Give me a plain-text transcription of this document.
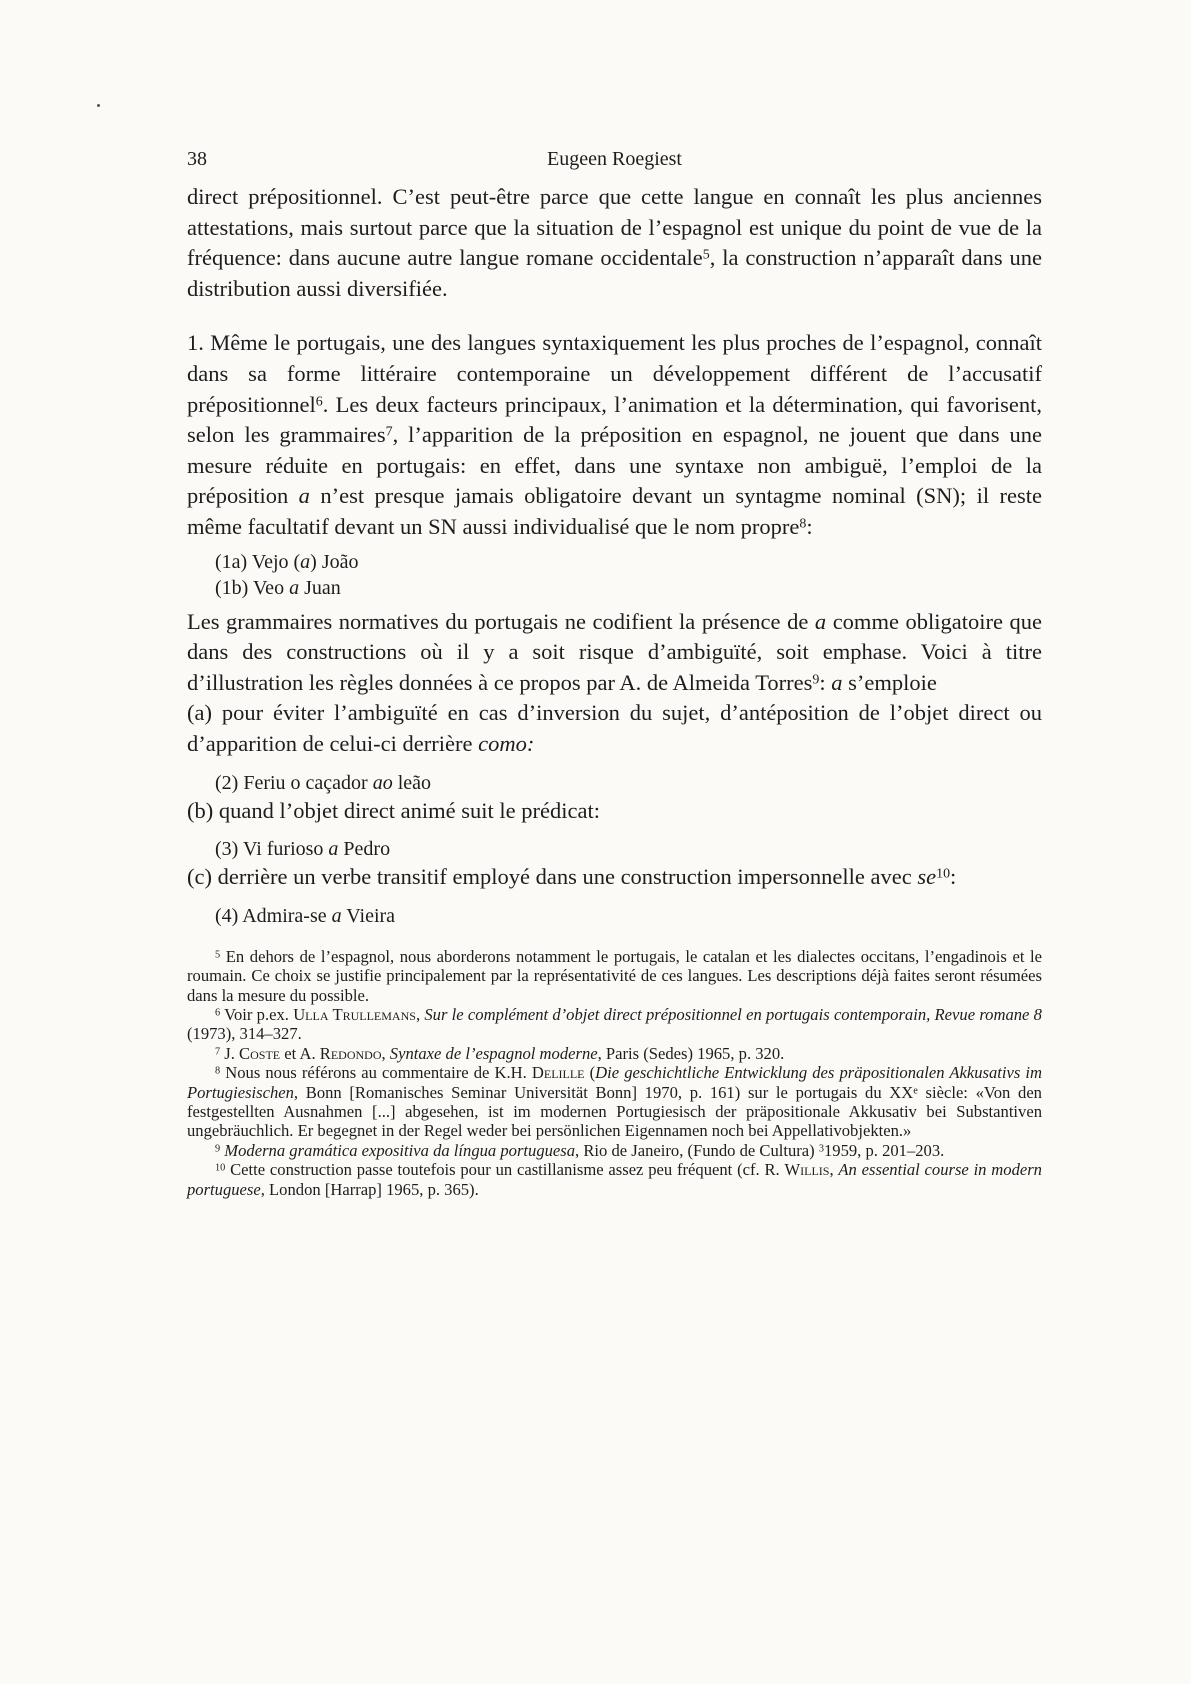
38	Eugeen Roegiest

direct prépositionnel. C’est peut-être parce que cette langue en connaît les plus anciennes attestations, mais surtout parce que la situation de l’espagnol est unique du point de vue de la fréquence: dans aucune autre langue romane occidentale$^5$, la construction n’apparaît dans une distribution aussi diversifiée.

1. Même le portugais, une des langues syntaxiquement les plus proches de l’espagnol, connaît dans sa forme littéraire contemporaine un développement différent de l’accusatif prépositionnel$^6$. Les deux facteurs principaux, l’animation et la détermination, qui favorisent, selon les grammaires$^7$, l’apparition de la préposition en espagnol, ne jouent que dans une mesure réduite en portugais: en effet, dans une syntaxe non ambiguë, l’emploi de la préposition a n’est presque jamais obligatoire devant un syntagme nominal (SN); il reste même facultatif devant un SN aussi individualisé que le nom propre$^8$:

(1a) Vejo (a) João
(1b) Veo a Juan

Les grammaires normatives du portugais ne codifient la présence de a comme obligatoire que dans des constructions où il y a soit risque d’ambiguïté, soit emphase. Voici à titre d’illustration les règles données à ce propos par A. de Almeida Torres$^9$: a s’emploie

(a) pour éviter l’ambiguïté en cas d’inversion du sujet, d’antéposition de l’objet direct ou d’apparition de celui-ci derrière como:

(2) Feriu o caçador ao leão

(b) quand l’objet direct animé suit le prédicat:

(3) Vi furioso a Pedro

(c) derrière un verbe transitif employé dans une construction impersonnelle avec $se^{10}$:

(4) Admira-se a Vieira

$^5$ En dehors de l’espagnol, nous aborderons notamment le portugais, le catalan et les dialectes occitans, l’engadinois et le roumain. Ce choix se justifie principalement par la représentativité de ces langues. Les descriptions déjà faites seront résumées dans la mesure du possible.

$^6$ Voir p.ex. Ulla Trullemans, Sur le complément d’objet direct prépositionnel en portugais contemporain, Revue romane 8 (1973), 314–327.

$^7$ J. Coste et A. Redondo, Syntaxe de l’espagnol moderne, Paris (Sedes) 1965, p. 320.

$^8$ Nous nous référons au commentaire de K.H. Delille (Die geschichtliche Entwicklung des präpositionalen Akkusativs im Portugiesischen, Bonn [Romanisches Seminar Universität Bonn] 1970, p. 161) sur le portugais du XXe siècle: «Von den festgestellten Ausnahmen [...] abgesehen, ist im modernen Portugiesisch der präpositionale Akkusativ bei Substantiven ungebräuchlich. Er begegnet in der Regel weder bei persönlichen Eigennamen noch bei Appellativobjekten.»

$^9$ Moderna gramática expositiva da língua portuguesa, Rio de Janeiro, (Fundo de Cultura) $^3$1959, p. 201–203.

$^{10}$ Cette construction passe toutefois pour un castillanisme assez peu fréquent (cf. R. Willis, An essential course in modern portuguese, London [Harrap] 1965, p. 365).
